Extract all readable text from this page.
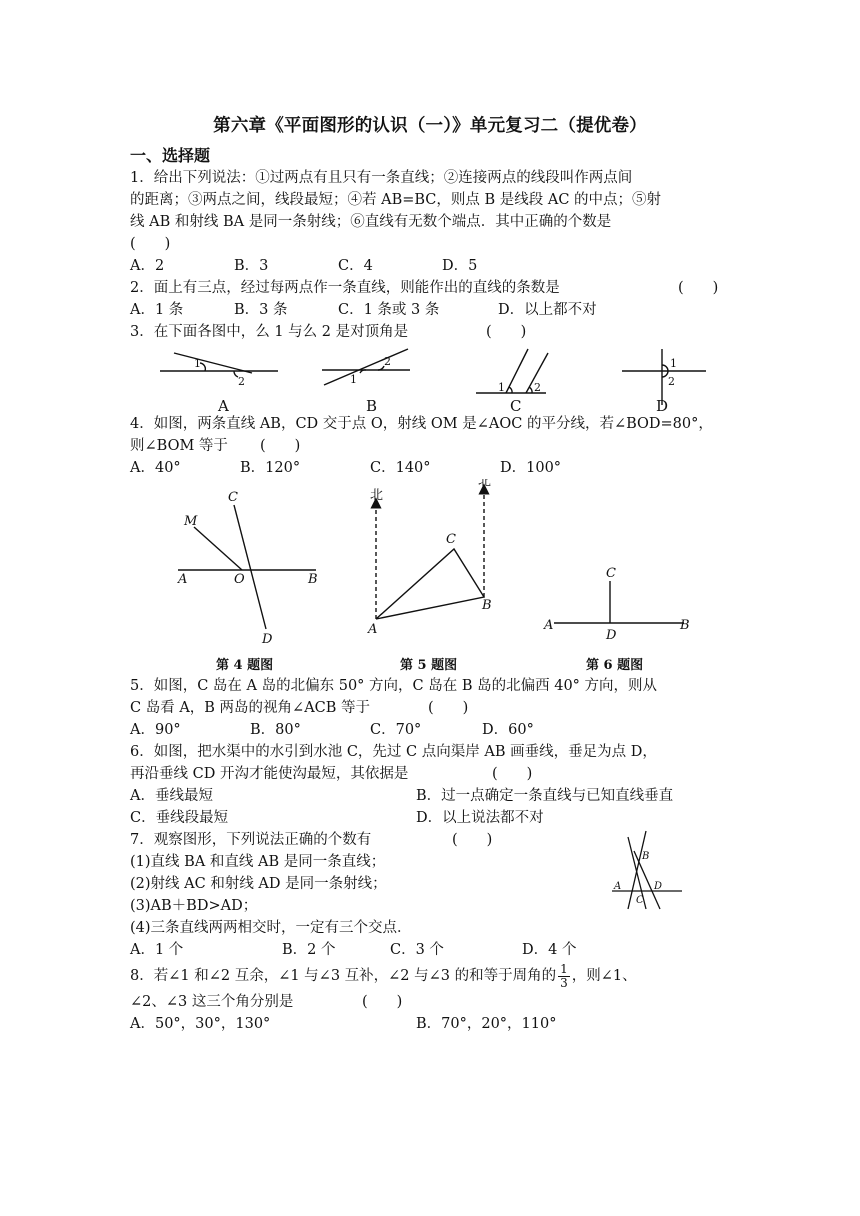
第六章《平面图形的认识（一）》单元复习二（提优卷）

一、选择题

1．给出下列说法：①过两点有且只有一条直线；②连接两点的线段叫作两点间

的距离；③两点之间，线段最短；④若 AB=BC，则点 B 是线段 AC 的中点；⑤射

线 AB 和射线 BA 是同一条射线；⑥直线有无数个端点．其中正确的个数是

(　　)

A．2	B．3	C．4	D．5
2．面上有三点，经过每两点作一条直线，则能作出的直线的条数是	(　　)
A．1 条	B．3 条	C．1 条或 3 条	D．以上都不对
3．在下面各图中，么 1 与么 2 是对顶角是	(　　)
1
2	1
2
1	2
1
2
A	B	C	D

4．如图，两条直线 AB，CD 交于点 O，射线 OM 是∠AOC 的平分线，若∠BOD=80°，

则∠BOM 等于	(　　)
A．40°	B．120°	C．140°	D．100°
C
M
A	O	B
D
第 4 题图
北
北
C
A
B
第 5 题图
C
A
D
B
第 6 题图

5．如图，C 岛在 A 岛的北偏东 50° 方向，C 岛在 B 岛的北偏西 40° 方向，则从

C 岛看 A，B 两岛的视角∠ACB 等于	(　　)
A．90°	B．80°	C．70°	D．60°

6．如图，把水渠中的水引到水池 C，先过 C 点向渠岸 AB 画垂线，垂足为点 D，

再沿垂线 CD 开沟才能使沟最短，其依据是	(　　)
A．垂线最短	B．过一点确定一条直线与已知直线垂直
C．垂线段最短	D．以上说法都不对
7．观察图形，下列说法正确的个数有	(　　)

(1)直线 BA 和直线 AB 是同一条直线；

(2)射线 AC 和射线 AD 是同一条射线；

(3)AB＋BD>AD；

(4)三条直线两两相交时，一定有三个交点．

A．1 个	B．2 个	C．3 个	D．4 个
B
A
C
D

8．若∠1 和∠2 互余，∠1 与∠3 互补，∠2 与∠3 的和等于周角的 $\frac{1}{3}$ ，则∠1、

∠2、∠3 这三个角分别是	(　　)
A．50°，30°，130°	B．70°，20°，110°
